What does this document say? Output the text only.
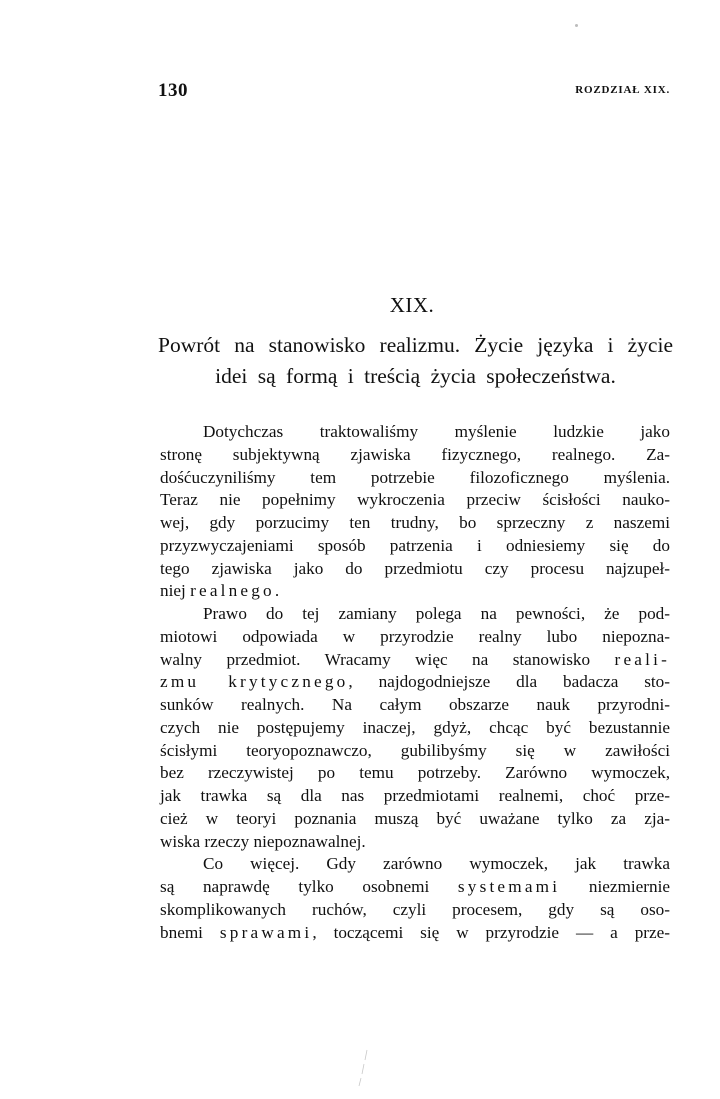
130	ROZDZIAŁ XIX.
XIX.
Powrót na stanowisko realizmu. Życie języka i życie
idei są formą i treścią życia społeczeństwa.
Dotychczas traktowaliśmy myślenie ludzkie jako
stronę subjektywną zjawiska fizycznego, realnego. Za-
dośćuczyniliśmy tem potrzebie filozoficznego myślenia.
Teraz nie popełnimy wykroczenia przeciw ścisłości nauko-
wej, gdy porzucimy ten trudny, bo sprzeczny z naszemi
przyzwyczajeniami sposób patrzenia i odniesiemy się do
tego zjawiska jako do przedmiotu czy procesu najzupeł-
niej realnego.
Prawo do tej zamiany polega na pewności, że pod-
miotowi odpowiada w przyrodzie realny lubo niepozna-
walny przedmiot. Wracamy więc na stanowisko reali-
zmu krytycznego, najdogodniejsze dla badacza sto-
sunków realnych. Na całym obszarze nauk przyrodni-
czych nie postępujemy inaczej, gdyż, chcąc być bezustannie
ścisłymi teoryopoznawczo, gubilibyśmy się w zawiłości
bez rzeczywistej po temu potrzeby. Zarówno wymoczek,
jak trawka są dla nas przedmiotami realnemi, choć prze-
cież w teoryi poznania muszą być uważane tylko za zja-
wiska rzeczy niepoznawalnej.
Co więcej. Gdy zarówno wymoczek, jak trawka
są naprawdę tylko osobnemi systemami niezmiernie
skomplikowanych ruchów, czyli procesem, gdy są oso-
bnemi sprawami, toczącemi się w przyrodzie — a prze-
